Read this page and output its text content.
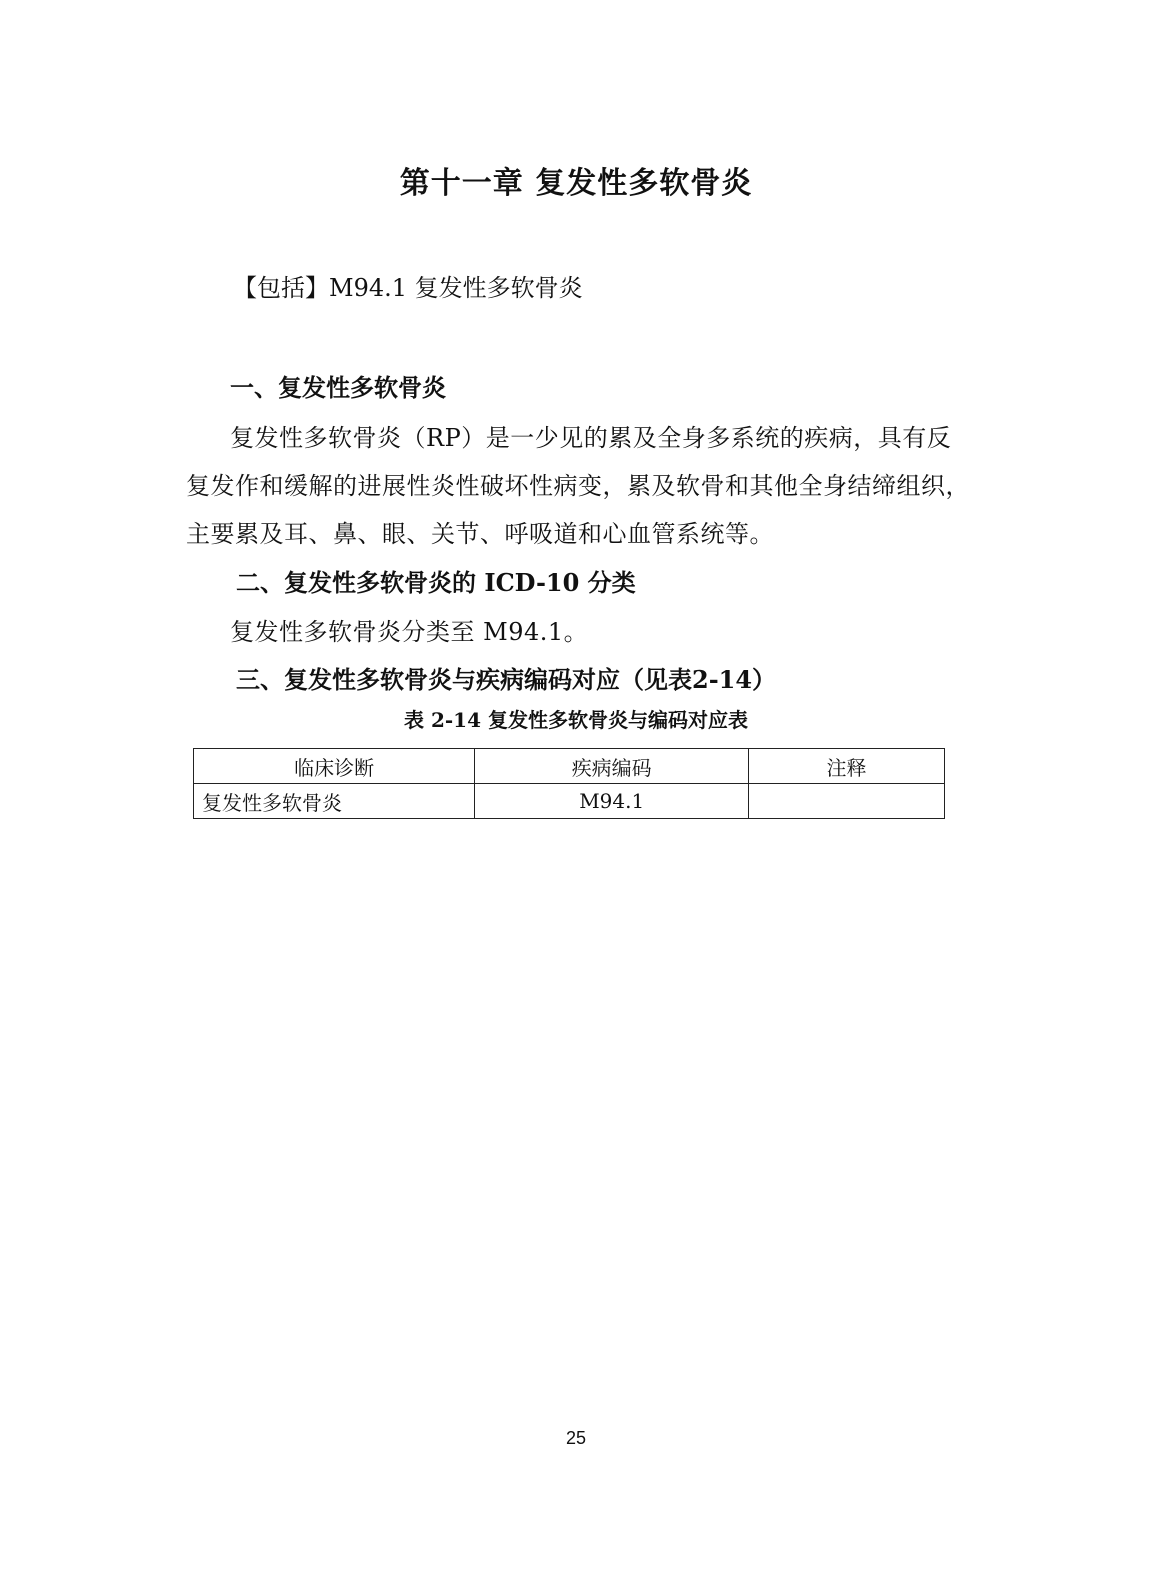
第十一章 复发性多软骨炎
【包括】M94.1 复发性多软骨炎
一、复发性多软骨炎
复发性多软骨炎（RP）是一少见的累及全身多系统的疾病，具有反
复发作和缓解的进展性炎性破坏性病变，累及软骨和其他全身结缔组织，
主要累及耳、鼻、眼、关节、呼吸道和心血管系统等。
二、复发性多软骨炎的 ICD-10 分类
复发性多软骨炎分类至 M94.1。
三、复发性多软骨炎与疾病编码对应（见表2-14）
表 2-14 复发性多软骨炎与编码对应表
临床诊断	疾病编码	注释
复发性多软骨炎	M94.1	
25
